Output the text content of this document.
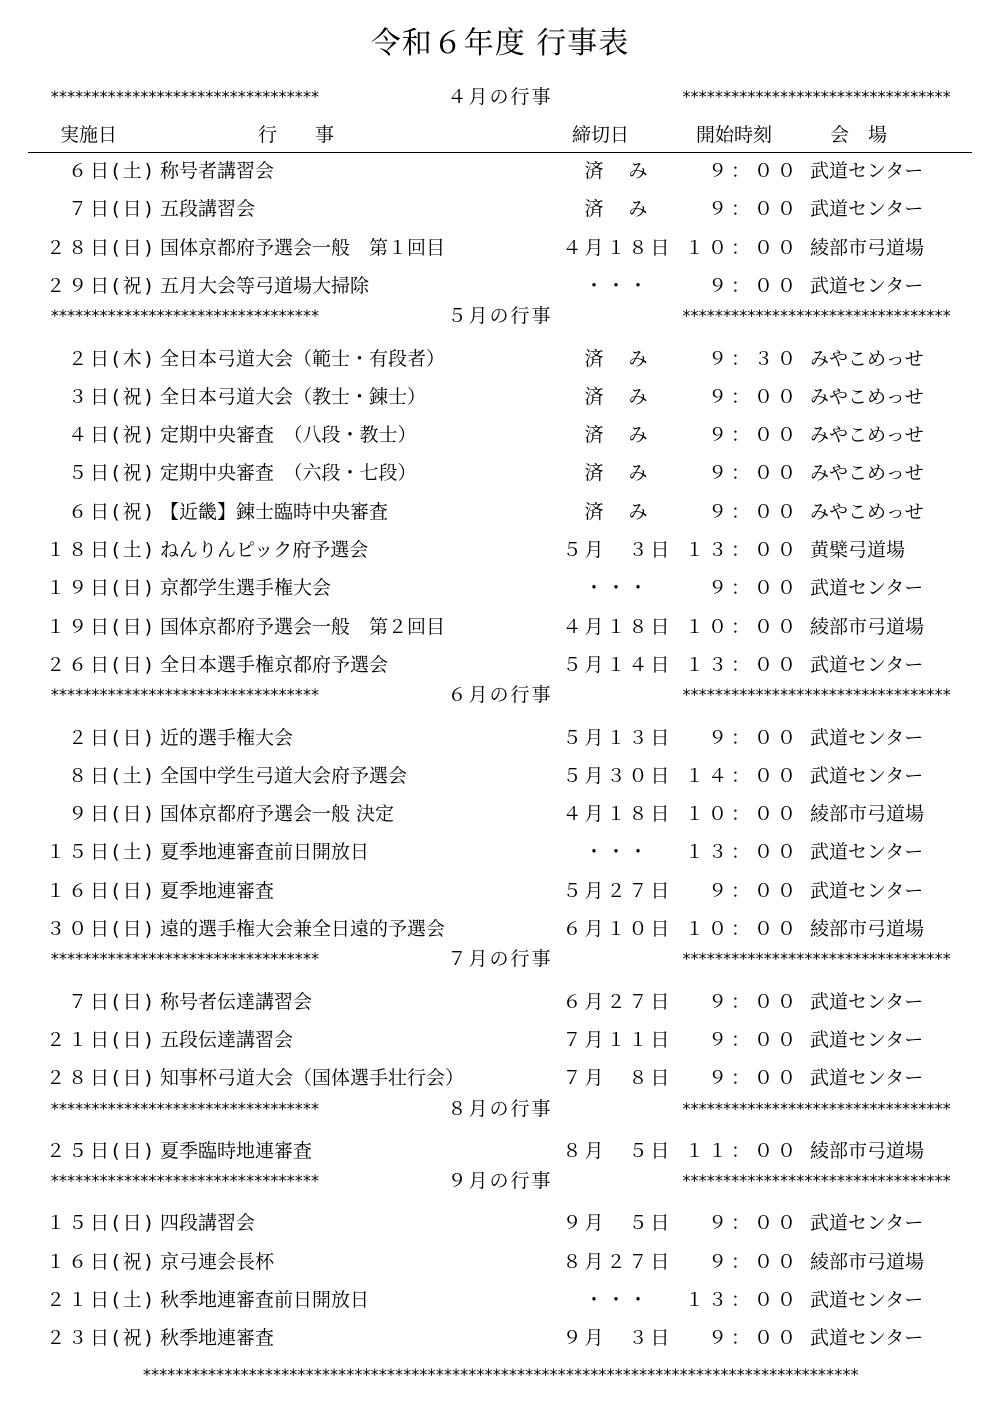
令和６年度 行事表
実施日	行　　事	締切日	開始時刻	会　場
*********************************	４月の行事	*********************************
６日(土) 称号者講習会	済　み	９：００ 武道センター
７日(日) 五段講習会	済　み	９：００ 武道センター
２８日(日) 国体京都府予選会一般　第１回目	４月１８日 １０：００ 綾部市弓道場
２９日(祝) 五月大会等弓道場大掃除	・・・	９：００ 武道センター
*********************************	５月の行事	*********************************
２日(木) 全日本弓道大会（範士・有段者）	済　み	９：３０ みやこめっせ
３日(祝) 全日本弓道大会（教士・錬士）	済　み	９：００ みやこめっせ
４日(祝) 定期中央審査　（八段・教士）	済　み	９：００ みやこめっせ
５日(祝) 定期中央審査　（六段・七段）	済　み	９：００ みやこめっせ
６日(祝) 【近畿】錬士臨時中央審査	済　み	９：００ みやこめっせ
１８日(土) ねんりんピック府予選会	５月　３日 １３：００ 黄檗弓道場
１９日(日) 京都学生選手権大会	・・・	９：００ 武道センター
１９日(日) 国体京都府予選会一般　第２回目	４月１８日 １０：００ 綾部市弓道場
２６日(日) 全日本選手権京都府予選会	５月１４日 １３：００ 武道センター
*********************************	６月の行事	*********************************
２日(日) 近的選手権大会	５月１３日	９：００ 武道センター
８日(土) 全国中学生弓道大会府予選会	５月３０日 １４：００ 武道センター
９日(日) 国体京都府予選会一般 決定	４月１８日 １０：００ 綾部市弓道場
１５日(土) 夏季地連審査前日開放日	・・・	１３：００ 武道センター
１６日(日) 夏季地連審査	５月２７日	９：００ 武道センター
３０日(日) 遠的選手権大会兼全日遠的予選会	６月１０日 １０：００ 綾部市弓道場
*********************************	７月の行事	*********************************
７日(日) 称号者伝達講習会	６月２７日	９：００ 武道センター
２１日(日) 五段伝達講習会	７月１１日	９：００ 武道センター
２８日(日) 知事杯弓道大会（国体選手壮行会）	７月　８日	９：００ 武道センター
*********************************	８月の行事	*********************************
２５日(日) 夏季臨時地連審査	８月　５日 １１：００ 綾部市弓道場
*********************************	９月の行事	*********************************
１５日(日) 四段講習会	９月　５日	９：００ 武道センター
１６日(祝) 京弓連会長杯	８月２７日	９：００ 綾部市弓道場
２１日(土) 秋季地連審査前日開放日	・・・	１３：００ 武道センター
２３日(祝) 秋季地連審査	９月　３日	９：００ 武道センター
****************************************************************************************
